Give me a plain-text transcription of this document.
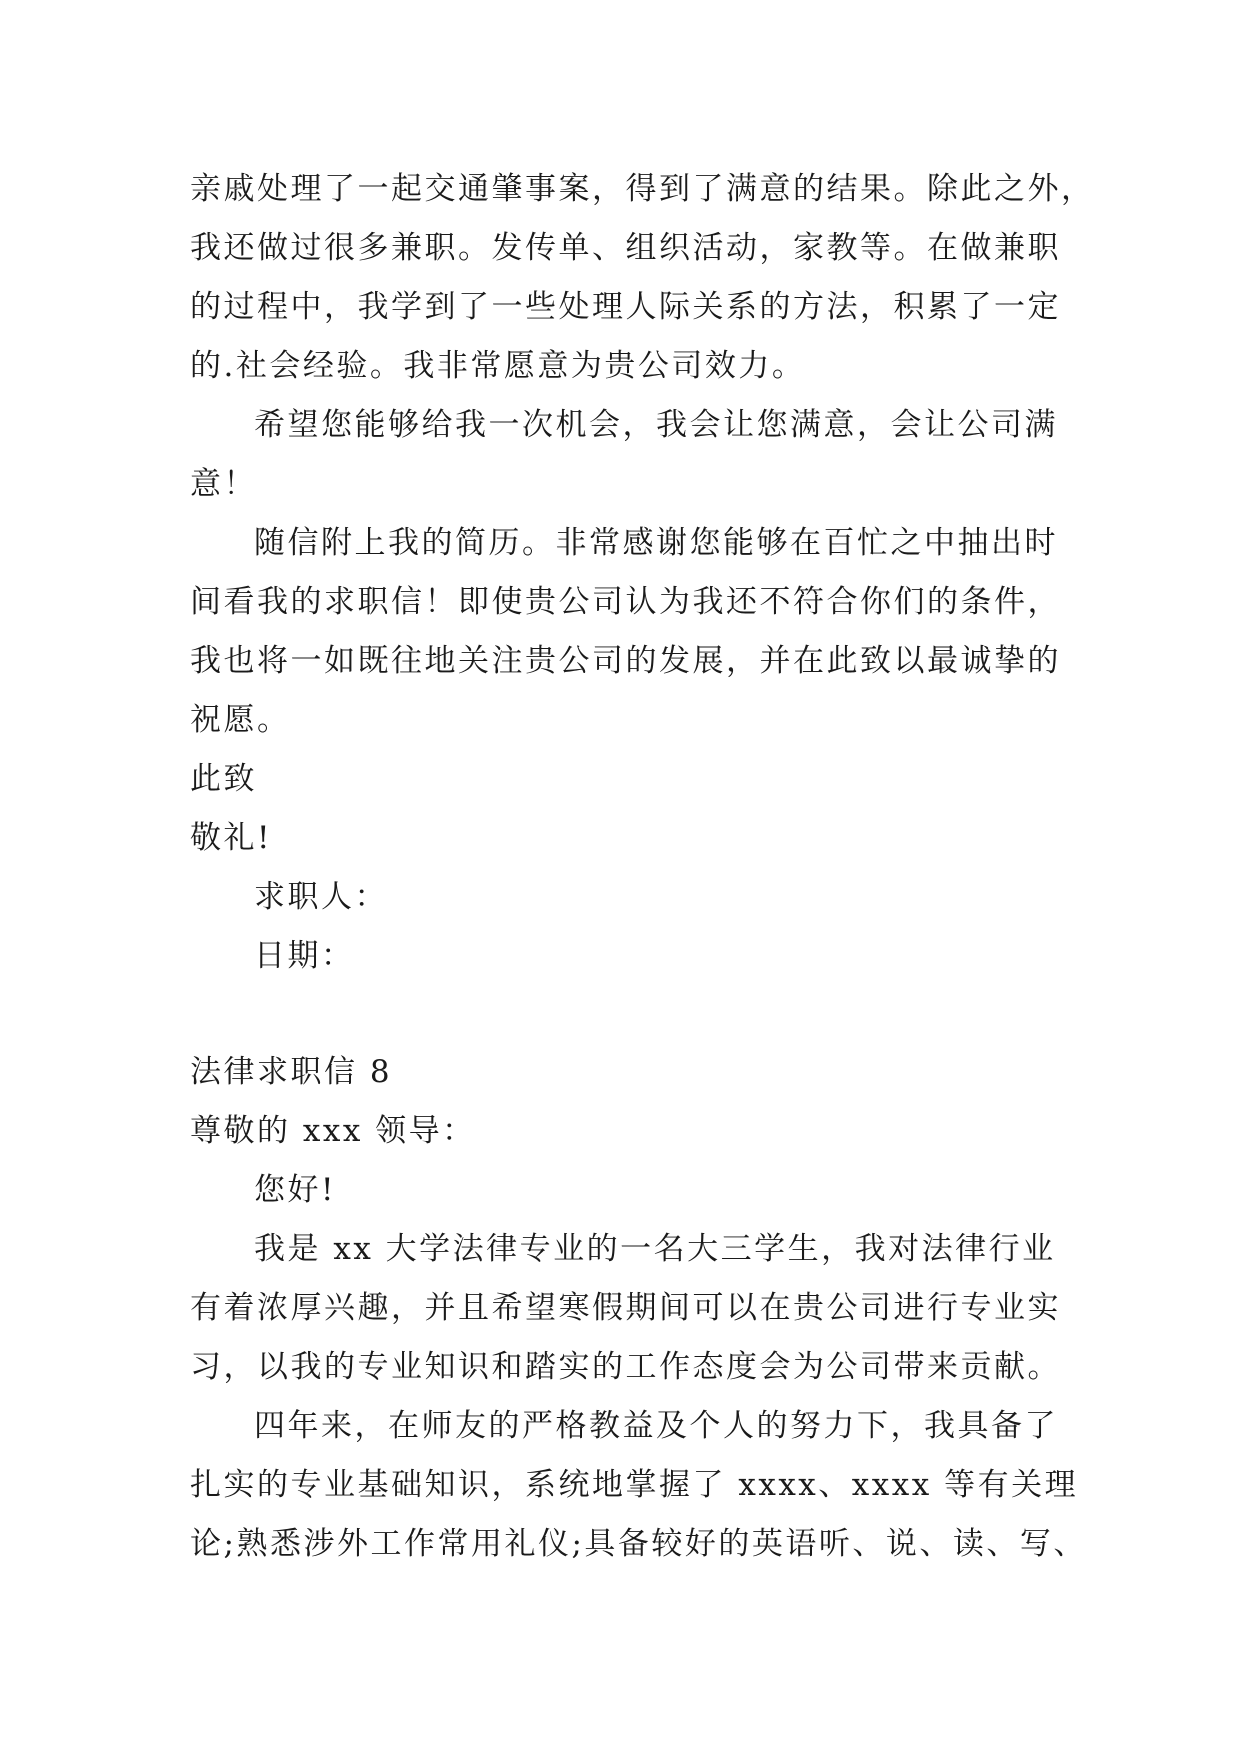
亲戚处理了一起交通肇事案，得到了满意的结果。除此之外，
我还做过很多兼职。发传单、组织活动，家教等。在做兼职
的过程中，我学到了一些处理人际关系的方法，积累了一定
的.社会经验。我非常愿意为贵公司效力。
希望您能够给我一次机会，我会让您满意，会让公司满
意！
随信附上我的简历。非常感谢您能够在百忙之中抽出时
间看我的求职信！即使贵公司认为我还不符合你们的条件，
我也将一如既往地关注贵公司的发展，并在此致以最诚挚的
祝愿。
此致
敬礼!
求职人：
日期：
法律求职信 8
尊敬的 xxx 领导：
您好!
我是 xx 大学法律专业的一名大三学生，我对法律行业
有着浓厚兴趣，并且希望寒假期间可以在贵公司进行专业实
习，以我的专业知识和踏实的工作态度会为公司带来贡献。
四年来，在师友的严格教益及个人的努力下，我具备了
扎实的专业基础知识，系统地掌握了 xxxx、xxxx 等有关理
论;熟悉涉外工作常用礼仪;具备较好的英语听、说、读、写、
